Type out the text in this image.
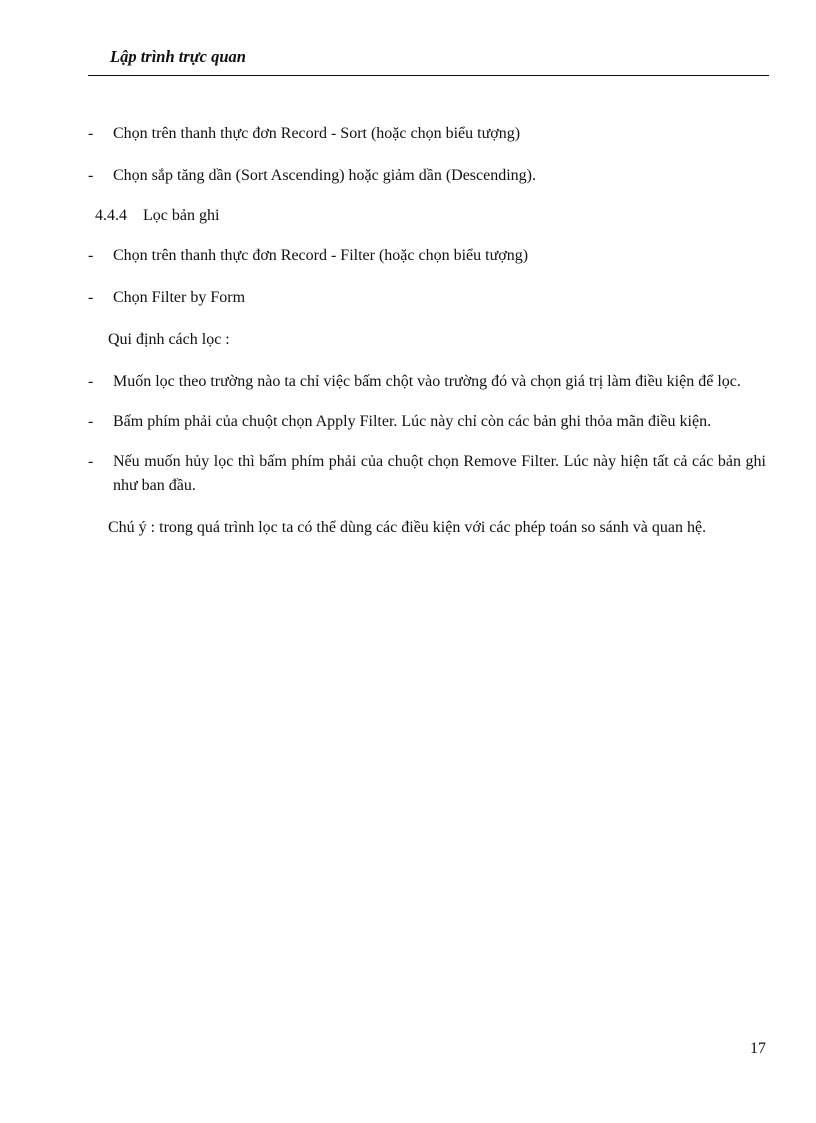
Lập trình trực quan
- Chọn trên thanh thực đơn Record - Sort (hoặc chọn biểu tượng)
- Chọn sắp tăng dần (Sort Ascending) hoặc giảm dần (Descending).
4.4.4 Lọc bản ghi
- Chọn trên thanh thực đơn Record - Filter (hoặc chọn biểu tượng)
- Chọn Filter by Form
Qui định cách lọc :
- Muốn lọc theo trường nào ta chỉ việc bấm chột vào trường đó và chọn giá trị làm điều kiện để lọc.
- Bấm phím phải của chuột chọn Apply Filter. Lúc này chỉ còn các bản ghi thỏa mãn điều kiện.
- Nếu muốn hủy lọc thì bấm phím phải của chuột chọn Remove Filter. Lúc này hiện tất cả các bản ghi như ban đầu.
Chú ý : trong quá trình lọc ta có thể dùng các điều kiện với các phép toán so sánh và quan hệ.
17
